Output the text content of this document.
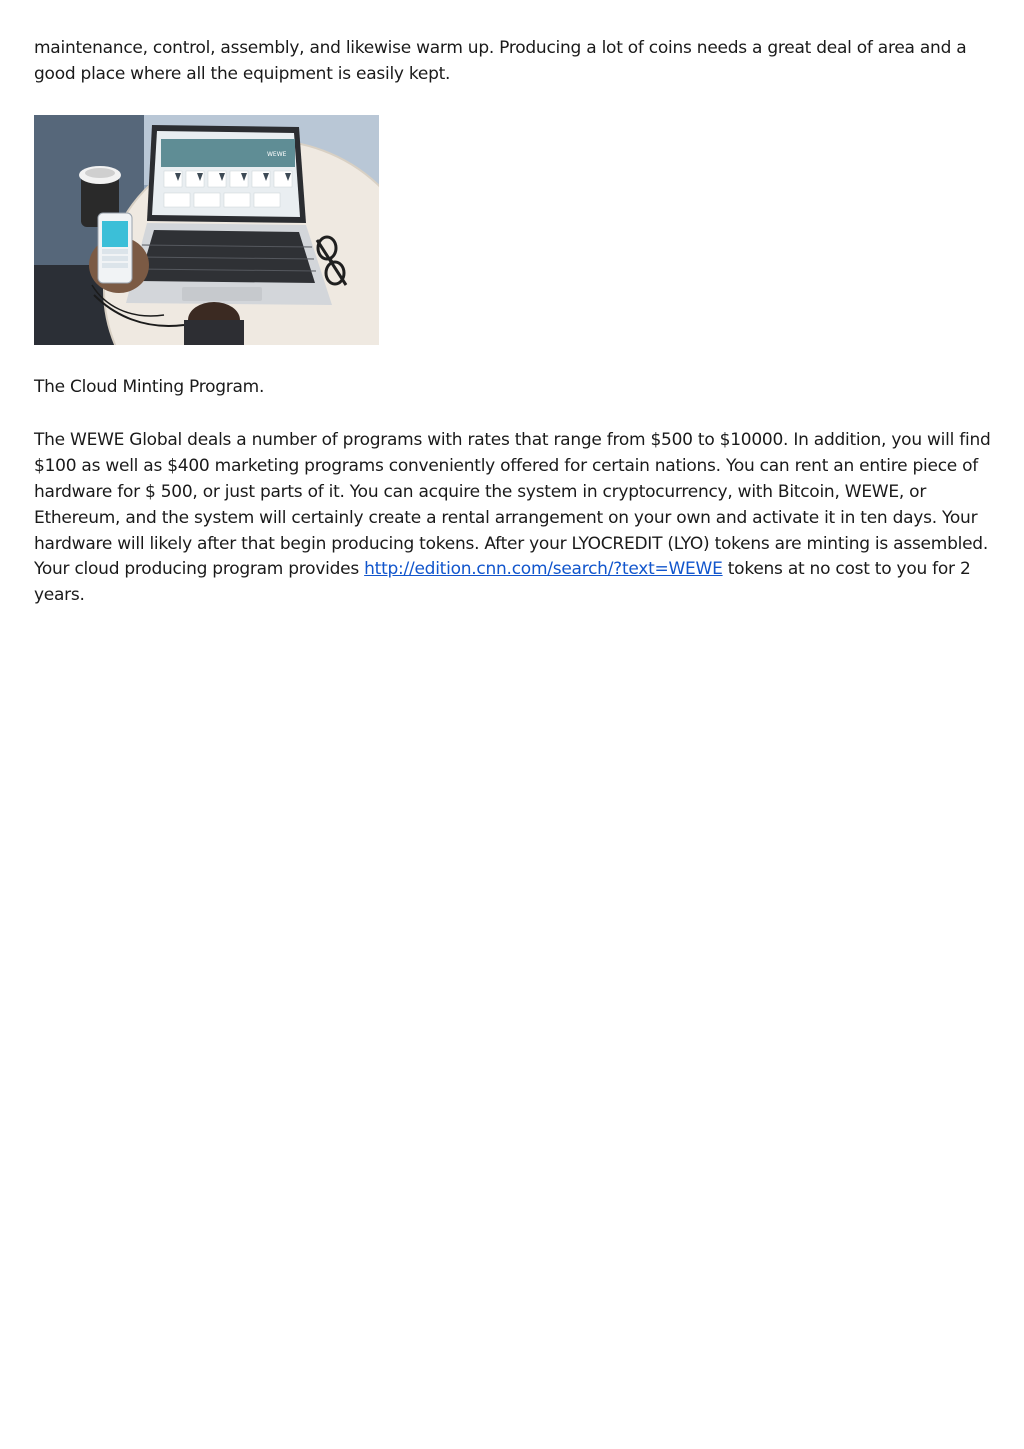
maintenance, control, assembly, and likewise warm up. Producing a lot of coins needs a great deal of area and a good place where all the equipment is easily kept.

WEWE

The Cloud Minting Program.

The WEWE Global deals a number of programs with rates that range from $500 to $10000. In addition, you will find $100 as well as $400 marketing programs conveniently offered for certain nations. You can rent an entire piece of hardware for $ 500, or just parts of it. You can acquire the system in cryptocurrency, with Bitcoin, WEWE, or Ethereum, and the system will certainly create a rental arrangement on your own and activate it in ten days. Your hardware will likely after that begin producing tokens. After your LYOCREDIT (LYO) tokens are minting is assembled. Your cloud producing program provides http://edition.cnn.com/search/?text=WEWE tokens at no cost to you for 2 years.
